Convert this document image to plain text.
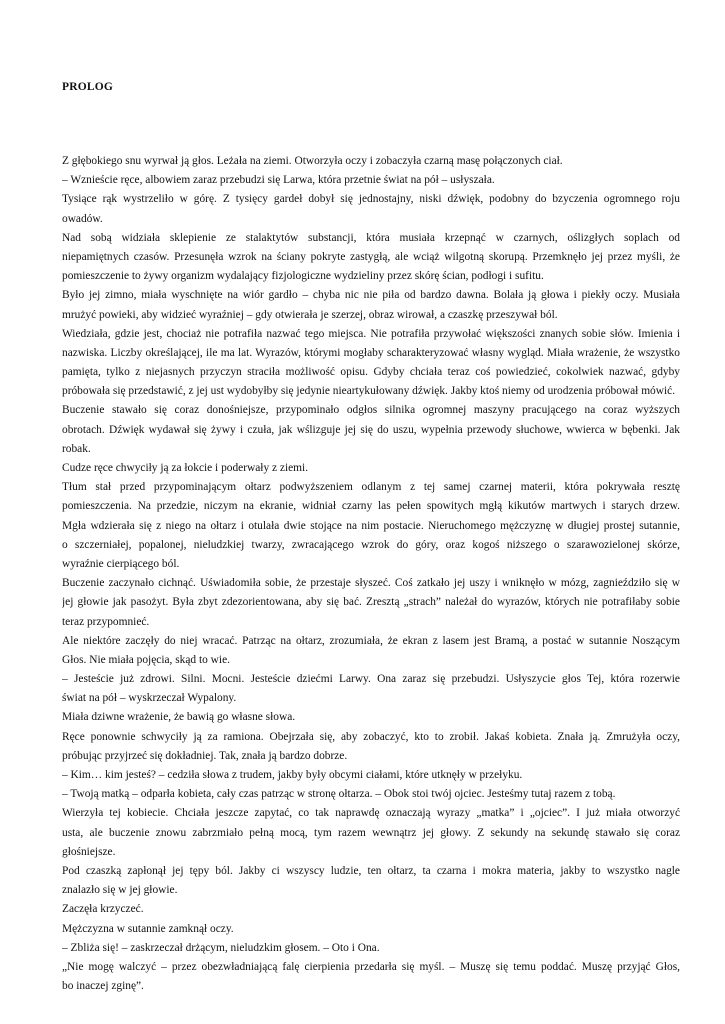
PROLOG
Z głębokiego snu wyrwał ją głos. Leżała na ziemi. Otworzyła oczy i zobaczyła czarną masę połączonych ciał.
– Wznieście ręce, albowiem zaraz przebudzi się Larwa, która przetnie świat na pół – usłyszała.
Tysiące rąk wystrzeliło w górę. Z tysięcy gardeł dobył się jednostajny, niski dźwięk, podobny do bzyczenia ogromnego roju
owadów.
Nad sobą widziała sklepienie ze stalaktytów substancji, która musiała krzepnąć w czarnych, oślizgłych soplach od
niepamiętnych czasów. Przesunęła wzrok na ściany pokryte zastygłą, ale wciąż wilgotną skorupą. Przemknęło jej przez myśli, że
pomieszczenie to żywy organizm wydalający fizjologiczne wydzieliny przez skórę ścian, podłogi i sufitu.
Było jej zimno, miała wyschnięte na wiór gardło – chyba nic nie piła od bardzo dawna. Bolała ją głowa i piekły oczy. Musiała
mrużyć powieki, aby widzieć wyraźniej – gdy otwierała je szerzej, obraz wirował, a czaszkę przeszywał ból.
Wiedziała, gdzie jest, chociaż nie potrafiła nazwać tego miejsca. Nie potrafiła przywołać większości znanych sobie słów. Imienia i
nazwiska. Liczby określającej, ile ma lat. Wyrazów, którymi mogłaby scharakteryzować własny wygląd. Miała wrażenie, że wszystko
pamięta, tylko z niejasnych przyczyn straciła możliwość opisu. Gdyby chciała teraz coś powiedzieć, cokolwiek nazwać, gdyby
próbowała się przedstawić, z jej ust wydobyłby się jedynie nieartykułowany dźwięk. Jakby ktoś niemy od urodzenia próbował mówić.
Buczenie stawało się coraz donośniejsze, przypominało odgłos silnika ogromnej maszyny pracującego na coraz wyższych
obrotach. Dźwięk wydawał się żywy i czuła, jak wślizguje jej się do uszu, wypełnia przewody słuchowe, wwierca w bębenki. Jak
robak.
Cudze ręce chwyciły ją za łokcie i poderwały z ziemi.
Tłum stał przed przypominającym ołtarz podwyższeniem odlanym z tej samej czarnej materii, która pokrywała resztę
pomieszczenia. Na przedzie, niczym na ekranie, widniał czarny las pełen spowitych mgłą kikutów martwych i starych drzew.
Mgła wdzierała się z niego na ołtarz i otulała dwie stojące na nim postacie. Nieruchomego mężczyznę w długiej prostej sutannie,
o szczerniałej, popalonej, nieludzkiej twarzy, zwracającego wzrok do góry, oraz kogoś niższego o szarawozielonej skórze,
wyraźnie cierpiącego ból.
Buczenie zaczynało cichnąć. Uświadomiła sobie, że przestaje słyszeć. Coś zatkało jej uszy i wniknęło w mózg, zagnieździło się w
jej głowie jak pasożyt. Była zbyt zdezorientowana, aby się bać. Zresztą „strach” należał do wyrazów, których nie potrafiłaby sobie
teraz przypomnieć.
Ale niektóre zaczęły do niej wracać. Patrząc na ołtarz, zrozumiała, że ekran z lasem jest Bramą, a postać w sutannie Noszącym
Głos. Nie miała pojęcia, skąd to wie.
– Jesteście już zdrowi. Silni. Mocni. Jesteście dziećmi Larwy. Ona zaraz się przebudzi. Usłyszycie głos Tej, która rozerwie
świat na pół – wyskrzeczał Wypalony.
Miała dziwne wrażenie, że bawią go własne słowa.
Ręce ponownie schwyciły ją za ramiona. Obejrzała się, aby zobaczyć, kto to zrobił. Jakaś kobieta. Znała ją. Zmrużyła oczy,
próbując przyjrzeć się dokładniej. Tak, znała ją bardzo dobrze.
– Kim… kim jesteś? – cedziła słowa z trudem, jakby były obcymi ciałami, które utknęły w przełyku.
– Twoją matką – odparła kobieta, cały czas patrząc w stronę ołtarza. – Obok stoi twój ojciec. Jesteśmy tutaj razem z tobą.
Wierzyła tej kobiecie. Chciała jeszcze zapytać, co tak naprawdę oznaczają wyrazy „matka” i „ojciec”. I już miała otworzyć
usta, ale buczenie znowu zabrzmiało pełną mocą, tym razem wewnątrz jej głowy. Z sekundy na sekundę stawało się coraz
głośniejsze.
Pod czaszką zapłonął jej tępy ból. Jakby ci wszyscy ludzie, ten ołtarz, ta czarna i mokra materia, jakby to wszystko nagle
znalazło się w jej głowie.
Zaczęła krzyczeć.
Mężczyzna w sutannie zamknął oczy.
– Zbliża się! – zaskrzeczał drżącym, nieludzkim głosem. – Oto i Ona.
„Nie mogę walczyć – przez obezwładniającą falę cierpienia przedarła się myśl. – Muszę się temu poddać. Muszę przyjąć Głos,
bo inaczej zginę”.
